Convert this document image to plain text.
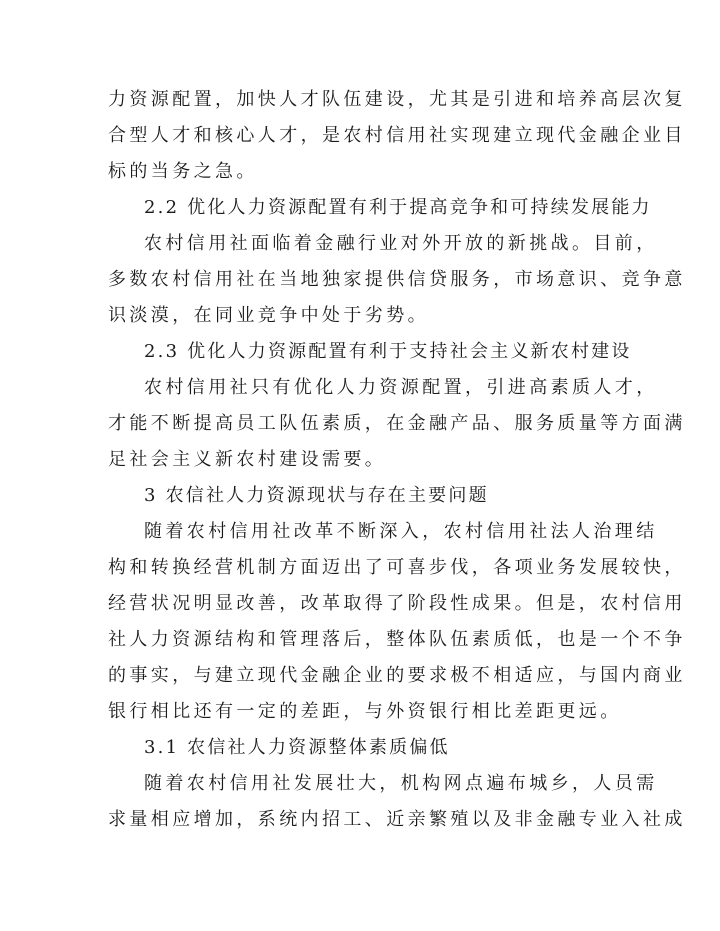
力资源配置，加快人才队伍建设，尤其是引进和培养高层次复
合型人才和核心人才，是农村信用社实现建立现代金融企业目
标的当务之急。
2.2 优化人力资源配置有利于提高竞争和可持续发展能力
农村信用社面临着金融行业对外开放的新挑战。目前，
多数农村信用社在当地独家提供信贷服务，市场意识、竞争意
识淡漠，在同业竞争中处于劣势。
2.3 优化人力资源配置有利于支持社会主义新农村建设
农村信用社只有优化人力资源配置，引进高素质人才，
才能不断提高员工队伍素质，在金融产品、服务质量等方面满
足社会主义新农村建设需要。
3 农信社人力资源现状与存在主要问题
随着农村信用社改革不断深入，农村信用社法人治理结
构和转换经营机制方面迈出了可喜步伐，各项业务发展较快，
经营状况明显改善，改革取得了阶段性成果。但是，农村信用
社人力资源结构和管理落后，整体队伍素质低，也是一个不争
的事实，与建立现代金融企业的要求极不相适应，与国内商业
银行相比还有一定的差距，与外资银行相比差距更远。
3.1 农信社人力资源整体素质偏低
随着农村信用社发展壮大，机构网点遍布城乡，人员需
求量相应增加，系统内招工、近亲繁殖以及非金融专业入社成
